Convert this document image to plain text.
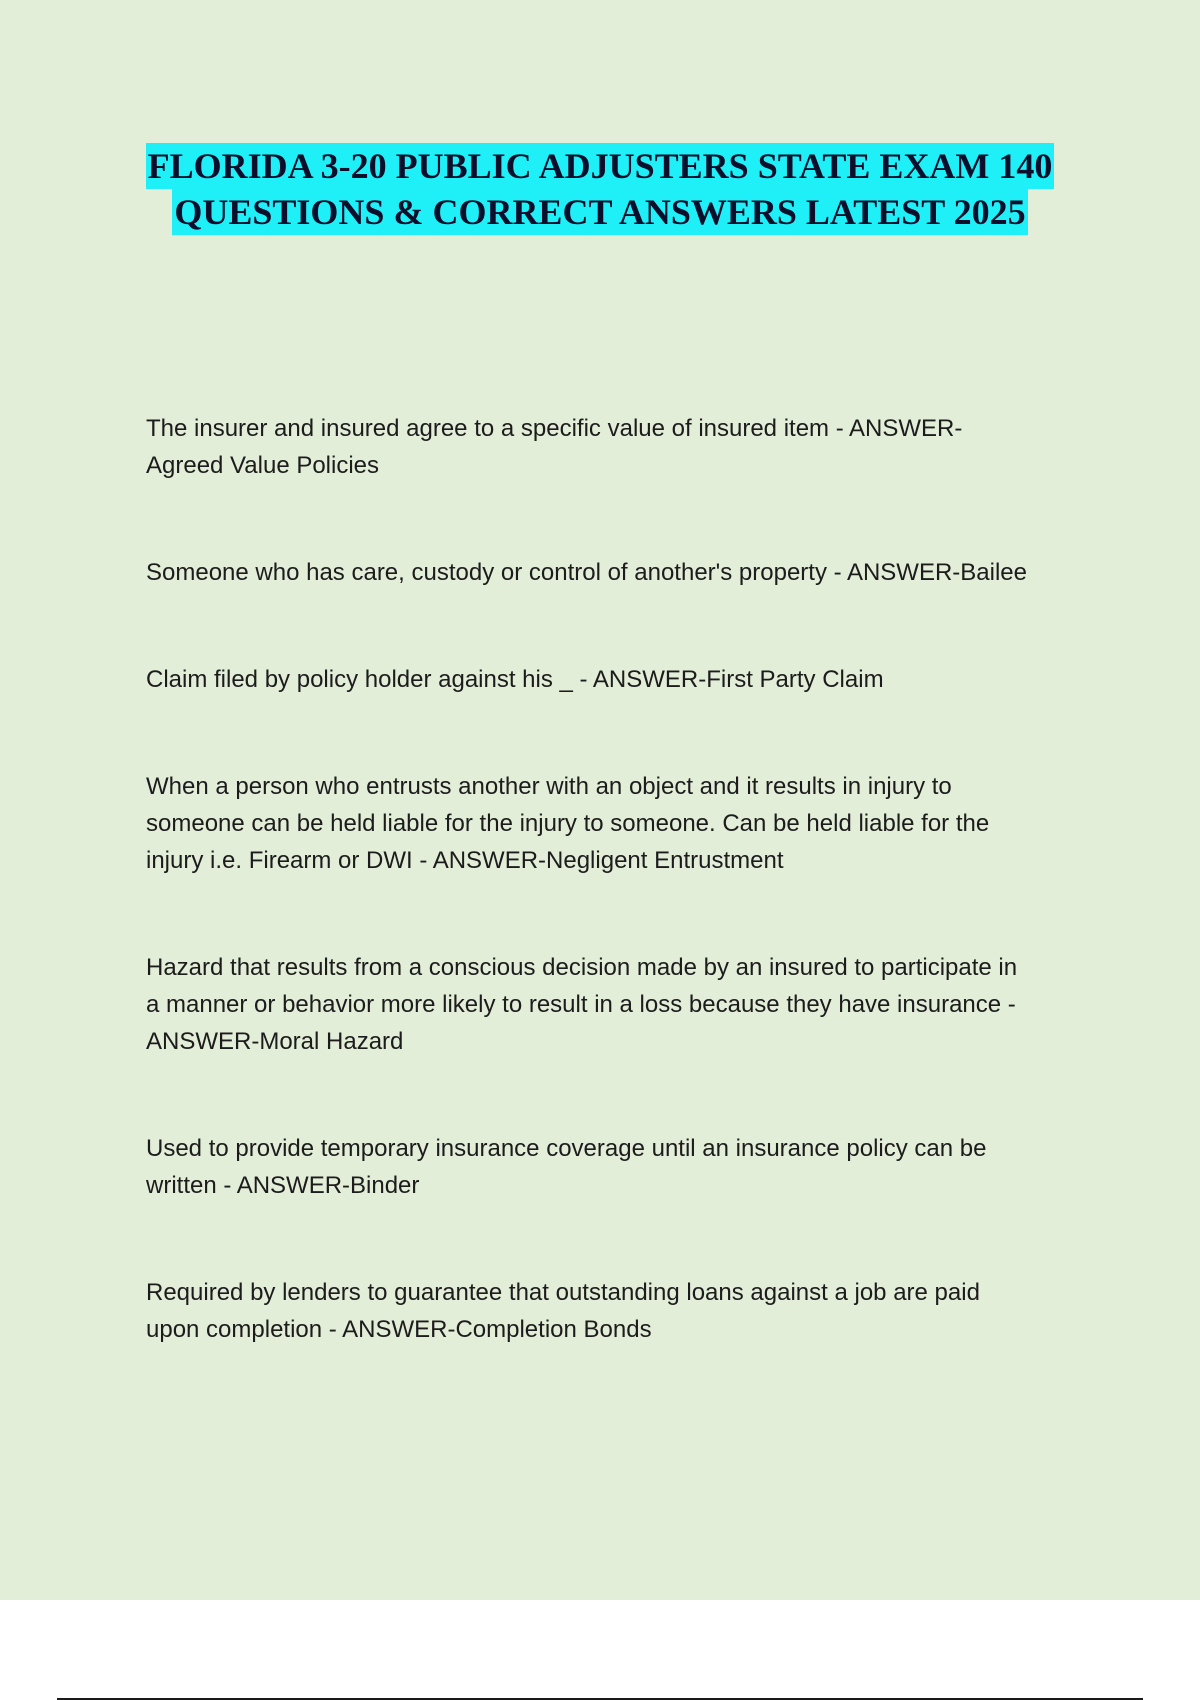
FLORIDA 3-20 PUBLIC ADJUSTERS STATE EXAM 140
QUESTIONS & CORRECT ANSWERS LATEST 2025

The insurer and insured agree to a specific value of insured item - ANSWER-
Agreed Value Policies

Someone who has care, custody or control of another's property - ANSWER-Bailee

Claim filed by policy holder against his _ - ANSWER-First Party Claim

When a person who entrusts another with an object and it results in injury to
someone can be held liable for the injury to someone. Can be held liable for the
injury i.e. Firearm or DWI - ANSWER-Negligent Entrustment

Hazard that results from a conscious decision made by an insured to participate in
a manner or behavior more likely to result in a loss because they have insurance -
ANSWER-Moral Hazard

Used to provide temporary insurance coverage until an insurance policy can be
written - ANSWER-Binder

Required by lenders to guarantee that outstanding loans against a job are paid
upon completion - ANSWER-Completion Bonds
